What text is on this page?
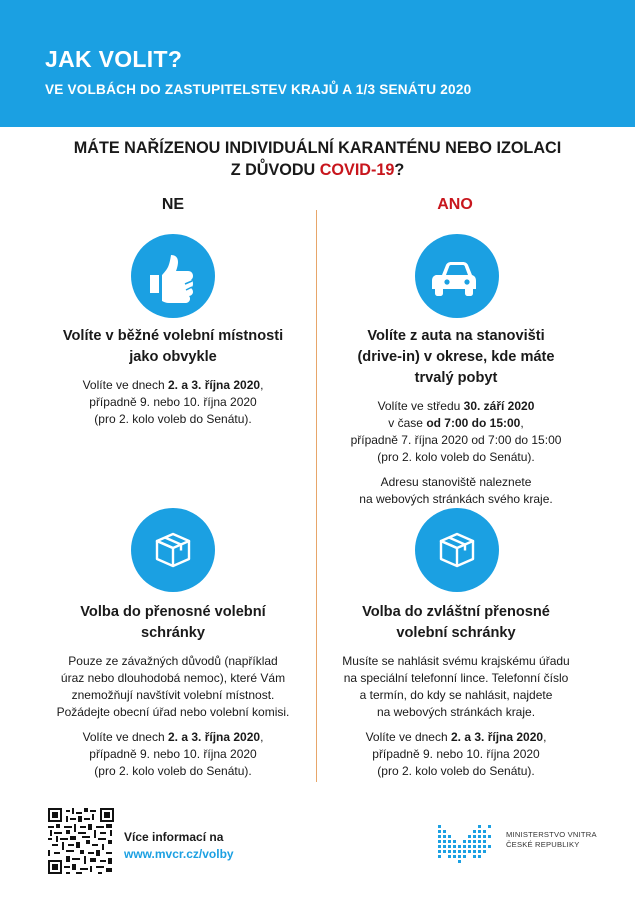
JAK VOLIT?
VE VOLBÁCH DO ZASTUPITELSTEV KRAJŮ A 1/3 SENÁTU 2020
MÁTE NAŘÍZENOU INDIVIDUÁLNÍ KARANTÉNU NEBO IZOLACI
Z DŮVODU COVID-19?
NE	ANO
Volíte v běžné volební místnosti
jako obvykle
Volíte ve dnech 2. a 3. října 2020,
případně 9. nebo 10. října 2020
(pro 2. kolo voleb do Senátu).
Volíte z auta na stanovišti
(drive-in) v okrese, kde máte
trvalý pobyt
Volíte ve středu 30. září 2020
v čase od 7:00 do 15:00,
případně 7. října 2020 od 7:00 do 15:00
(pro 2. kolo voleb do Senátu).
Adresu stanoviště naleznete
na webových stránkách svého kraje.
Volba do přenosné volební
schránky
Pouze ze závažných důvodů (například
úraz nebo dlouhodobá nemoc), které Vám
znemožňují navštívit volební místnost.
Požádejte obecní úřad nebo volební komisi.
Volíte ve dnech 2. a 3. října 2020,
případně 9. nebo 10. října 2020
(pro 2. kolo voleb do Senátu).
Volba do zvláštní přenosné
volební schránky
Musíte se nahlásit svému krajskému úřadu
na speciální telefonní lince. Telefonní číslo
a termín, do kdy se nahlásit, najdete
na webových stránkách kraje.
Volíte ve dnech 2. a 3. října 2020,
případně 9. nebo 10. října 2020
(pro 2. kolo voleb do Senátu).
Více informací na
www.mvcr.cz/volby
MINISTERSTVO VNITRA
ČESKÉ REPUBLIKY
